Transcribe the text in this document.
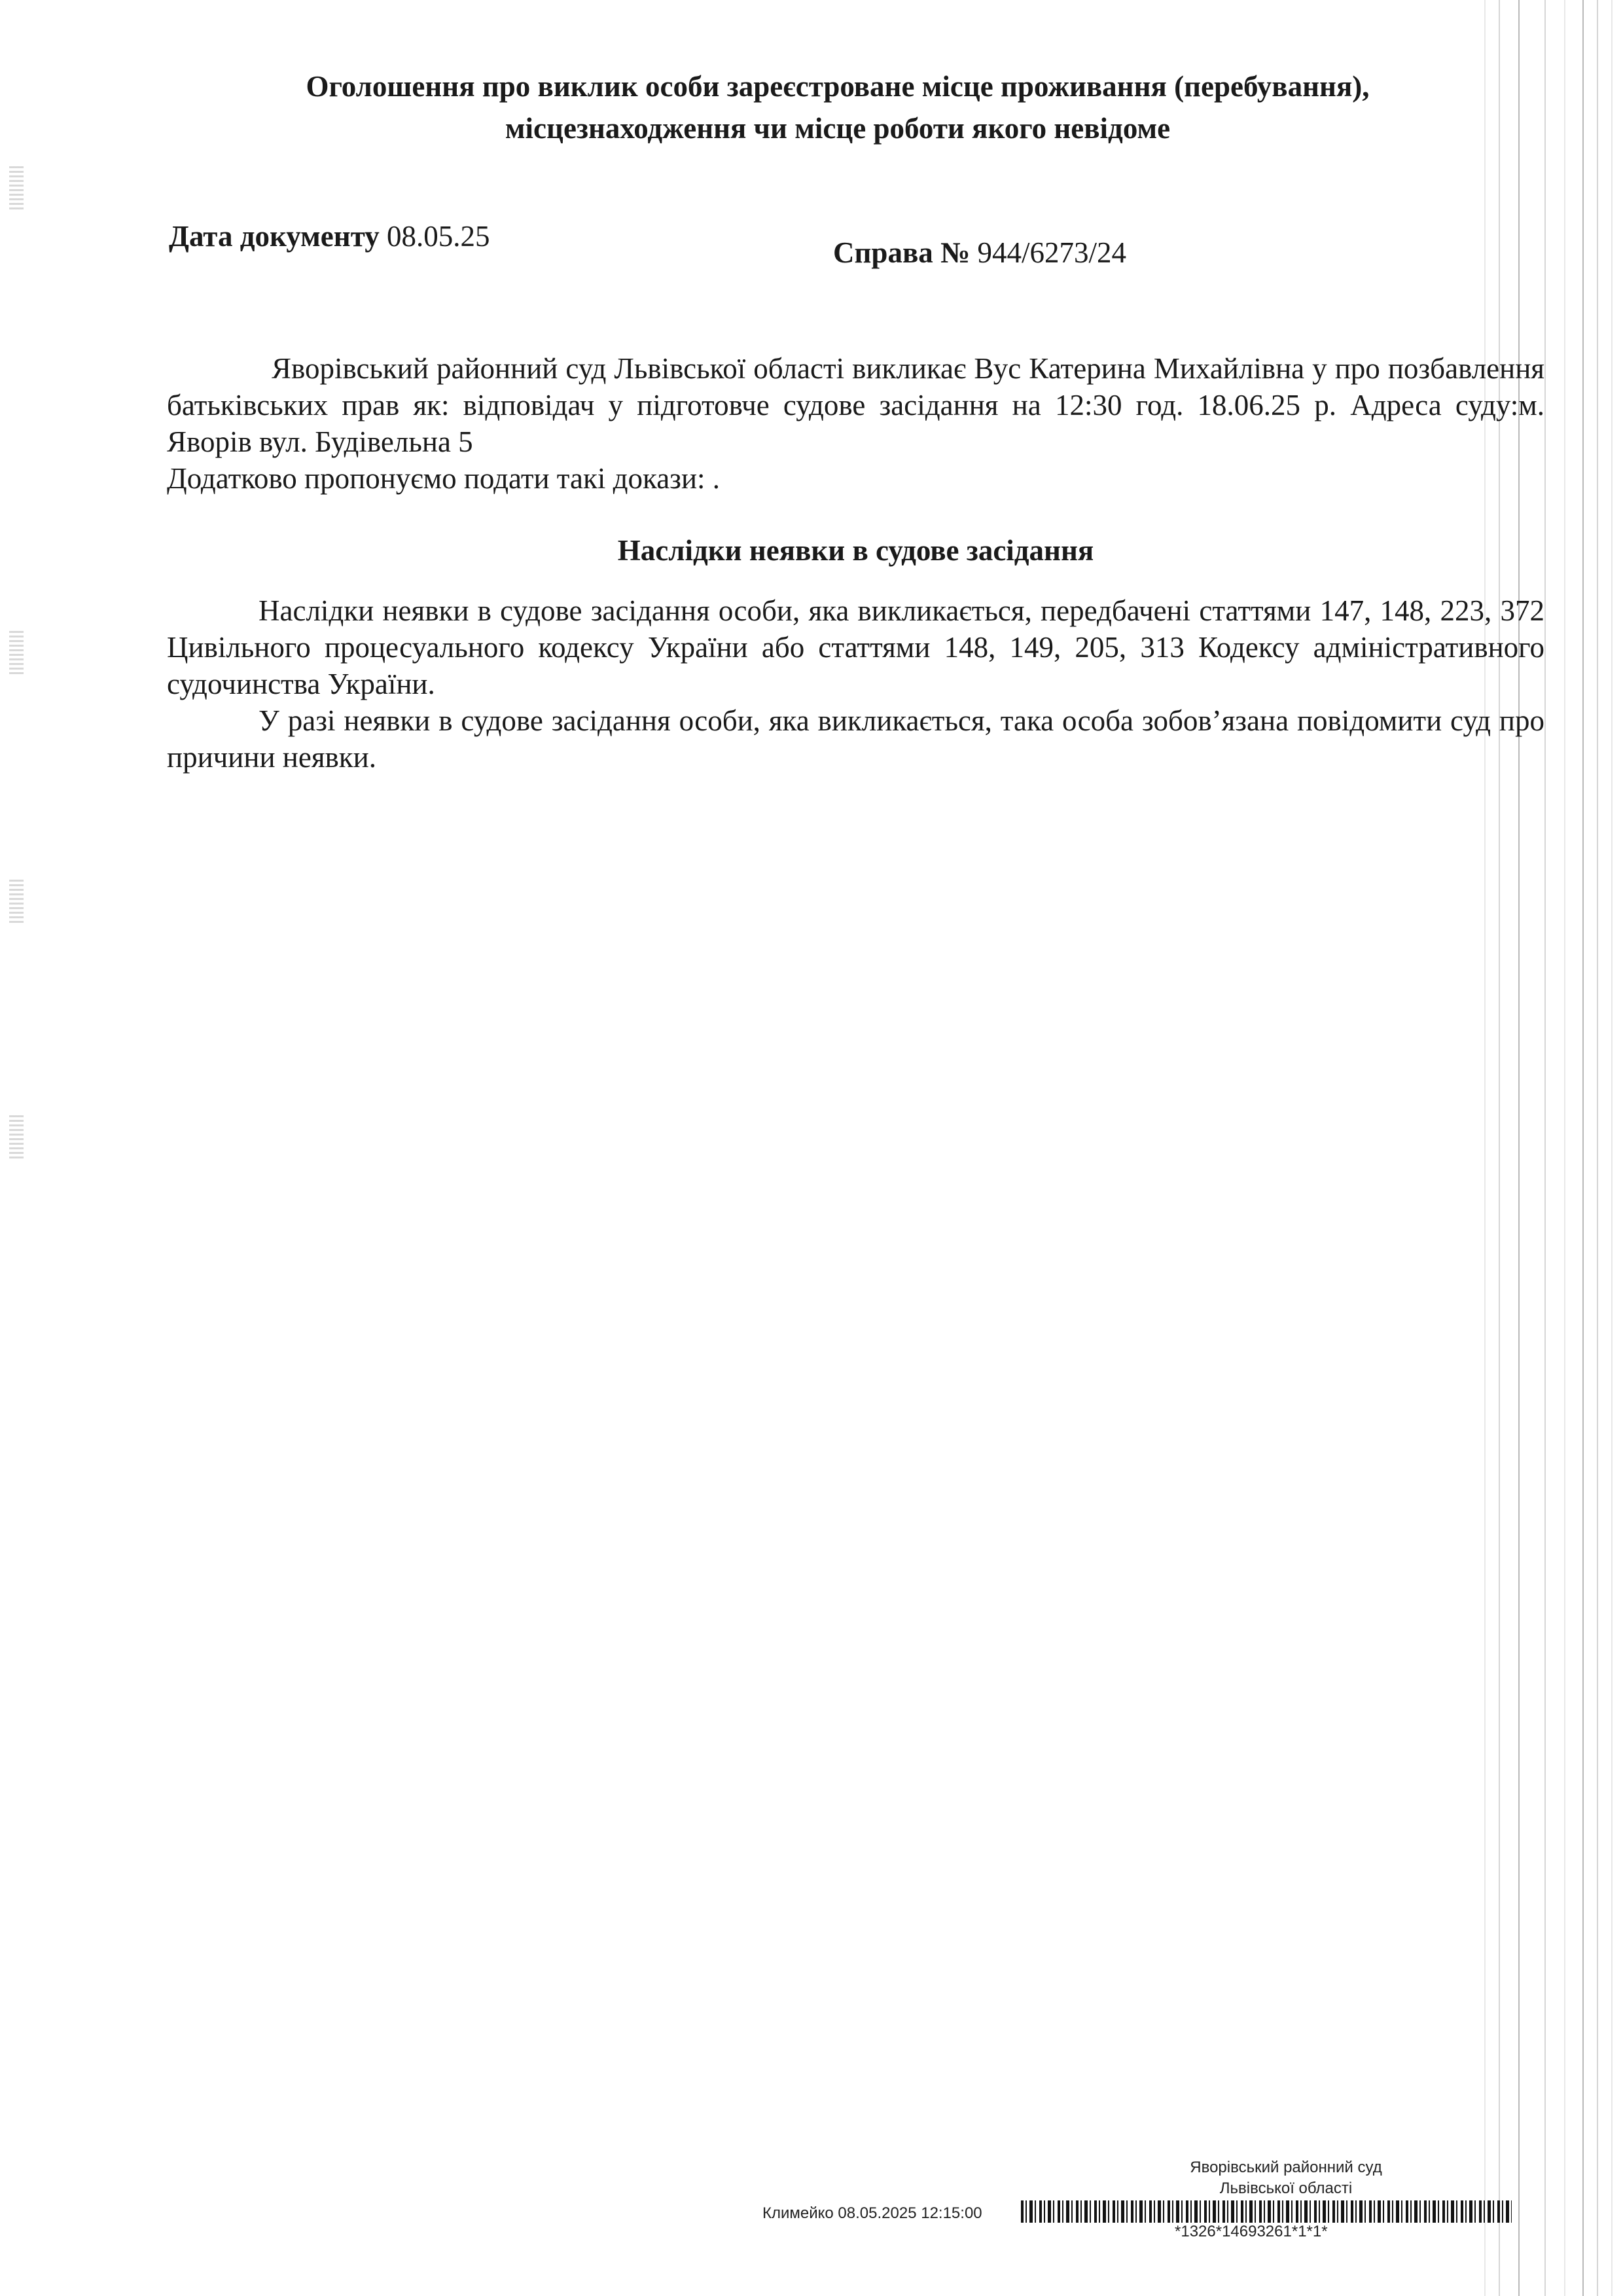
Оголошення про виклик особи зареєстроване місце проживання (перебування),
місцезнаходження чи місце роботи якого невідоме
Дата документу 08.05.25	Справа № 944/6273/24

Яворівський районний суд Львівської області викликає Вус Катерина Михайлівна у про позбавлення батьківських прав як: відповідач у підготовче судове засідання на 12:30 год. 18.06.25 р. Адреса суду:м. Яворів вул. Будівельна 5

Додатково пропонуємо подати такі докази: .

Наслідки неявки в судове засідання

Наслідки неявки в судове засідання особи, яка викликається, передбачені статтями 147, 148, 223, 372 Цивільного процесуального кодексу України або статтями 148, 149, 205, 313 Кодексу адміністративного судочинства України.

У разі неявки в судове засідання особи, яка викликається, така особа зобов’язана повідомити суд про причини неявки.

Яворівський районний суд
Львівської області
Климейко 08.05.2025 12:15:00
*1326*14693261*1*1*
